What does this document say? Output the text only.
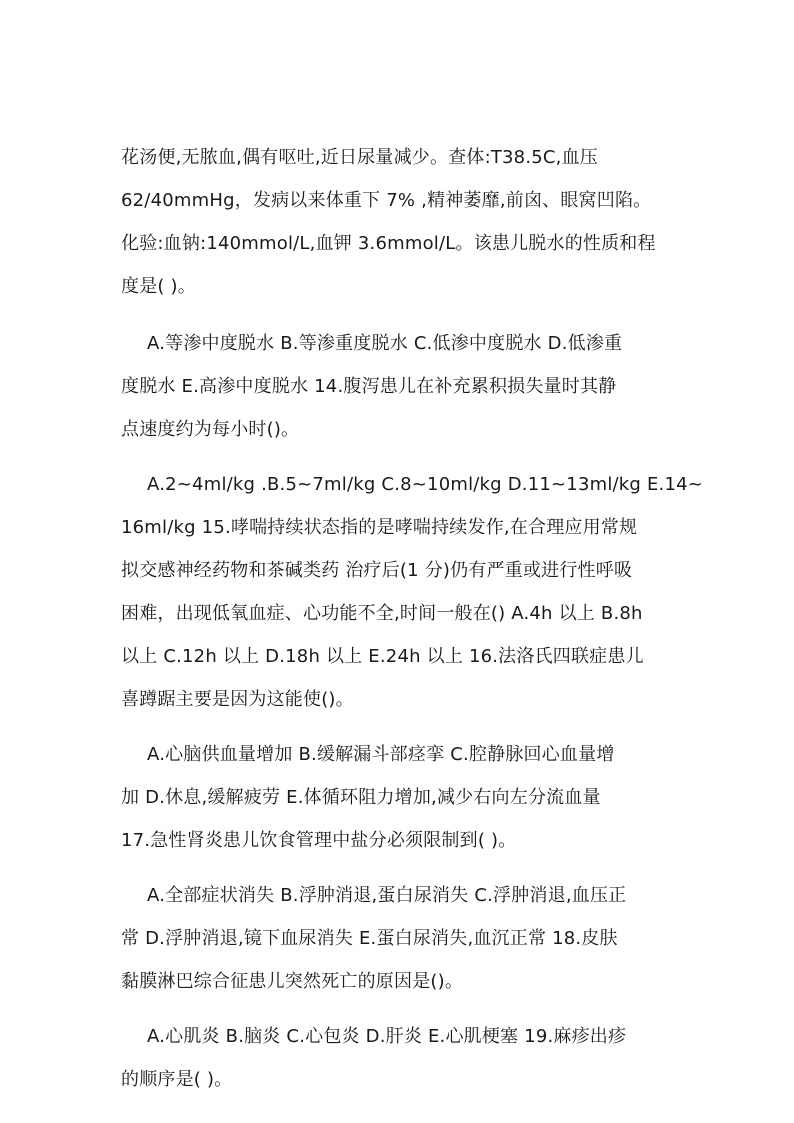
花汤便,无脓血,偶有呕吐,近日尿量减少。查体:T38.5C,血压
62/40mmHg，发病以来体重下 7% ,精神萎靡,前囟、眼窝凹陷。
化验:血钠:140mmol/L,血钾 3.6mmol/L。该患儿脱水的性质和程
度是( )。
A.等渗中度脱水 B.等渗重度脱水 C.低渗中度脱水 D.低渗重
度脱水 E.高渗中度脱水 14.腹泻患儿在补充累积损失量时其静
点速度约为每小时()。
A.2~4ml/kg .B.5~7ml/kg C.8~10ml/kg D.11~13ml/kg E.14~
16ml/kg 15.哮喘持续状态指的是哮喘持续发作,在合理应用常规
拟交感神经药物和茶碱类药 治疗后(1 分)仍有严重或进行性呼吸
困难，出现低氧血症、心功能不全,时间一般在() A.4h 以上 B.8h
以上 C.12h 以上 D.18h 以上 E.24h 以上 16.法洛氏四联症患儿
喜蹲踞主要是因为这能使()。
A.心脑供血量增加 B.缓解漏斗部痉挛 C.腔静脉回心血量增
加 D.休息,缓解疲劳 E.体循环阻力增加,减少右向左分流血量
17.急性肾炎患儿饮食管理中盐分必须限制到( )。
A.全部症状消失 B.浮肿消退,蛋白尿消失 C.浮肿消退,血压正
常 D.浮肿消退,镜下血尿消失 E.蛋白尿消失,血沉正常 18.皮肤
黏膜淋巴综合征患儿突然死亡的原因是()。
A.心肌炎 B.脑炎 C.心包炎 D.肝炎 E.心肌梗塞 19.麻疹出疹
的顺序是( )。
